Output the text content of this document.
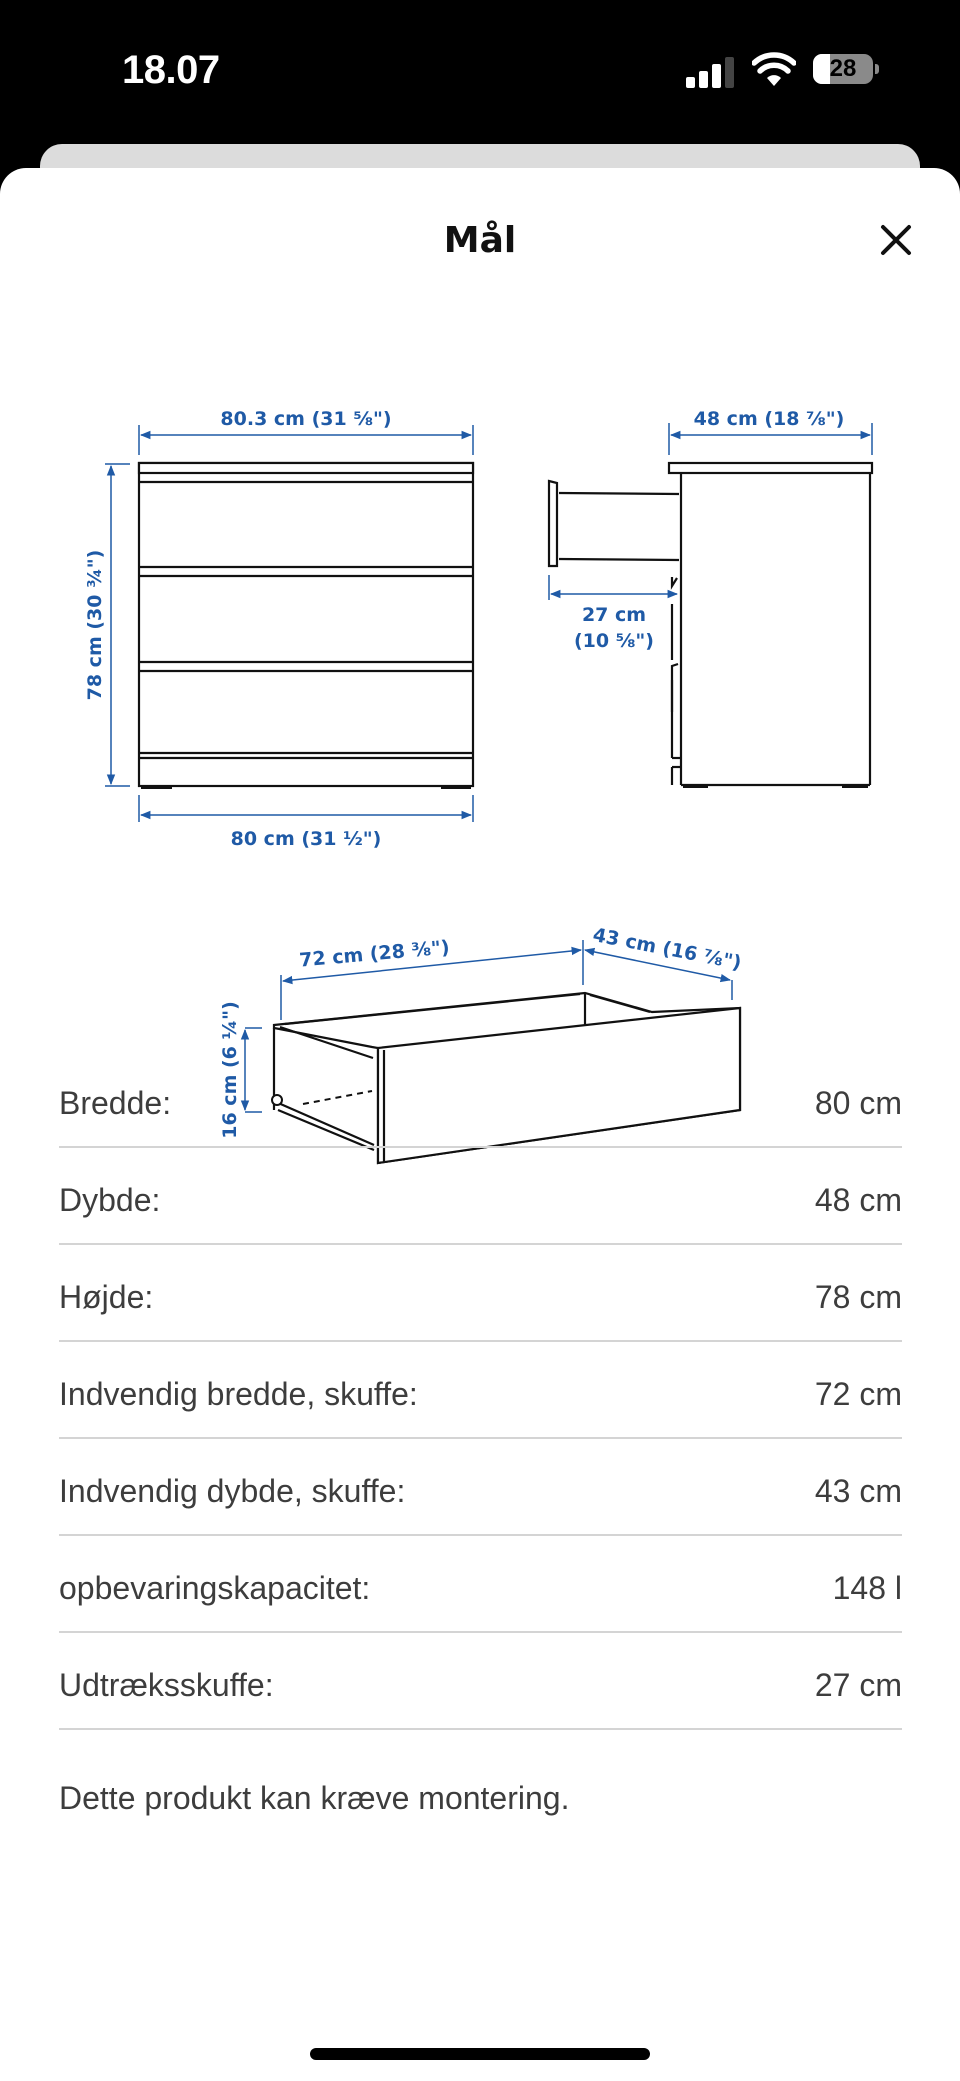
18.07	28
Mål
80.3 cm (31 ⅝")
80 cm (31 ½")
78 cm (30 ¾")
48 cm (18 ⅞")
27 cm
(10 ⅝")
72 cm (28 ⅜")	43 cm (16 ⅞")
16 cm (6 ¼")
Bredde:	80 cm
Dybde:	48 cm
Højde:	78 cm
Indvendig bredde, skuffe:	72 cm
Indvendig dybde, skuffe:	43 cm
opbevaringskapacitet:	148 l
Udtræksskuffe:	27 cm
Dette produkt kan kræve montering.
